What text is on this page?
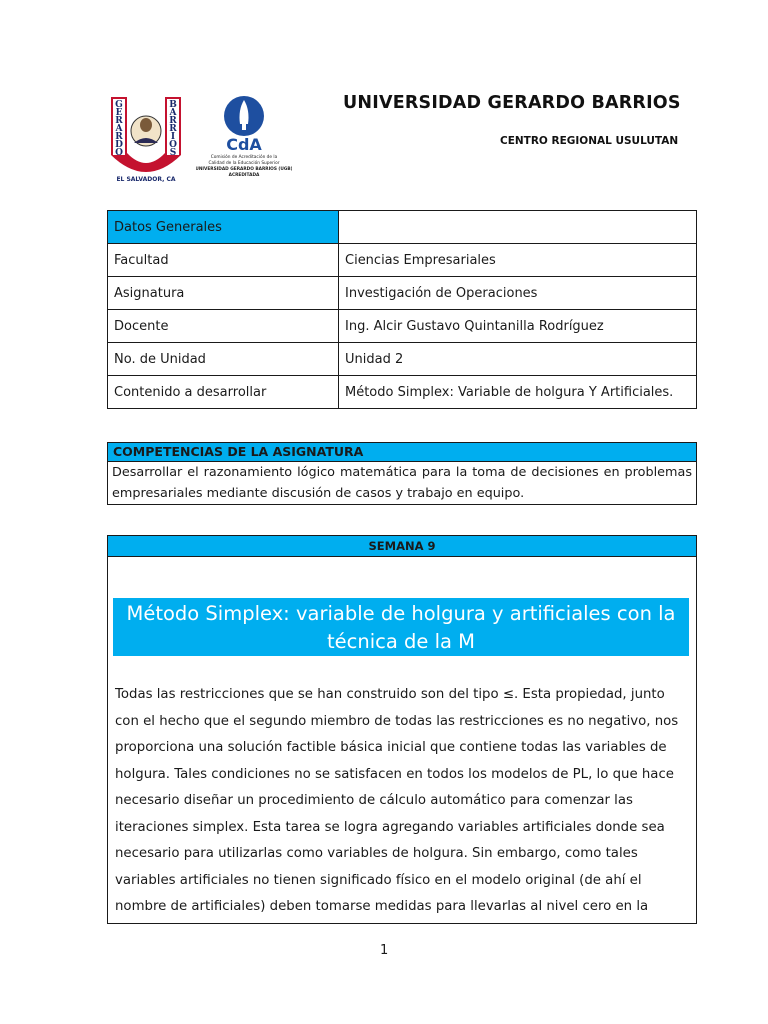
G
E
R
A
R
D
O
B
A
R
R
I
O
S
EL SALVADOR, CA
CdA
Comisión de Acreditación de la
Calidad de la Educación Superior
UNIVERSIDAD GERARDO BARRIOS (UGB)
ACREDITADA
UNIVERSIDAD GERARDO BARRIOS
CENTRO REGIONAL USULUTAN
Datos Generales	
Facultad	Ciencias Empresariales
Asignatura	Investigación de Operaciones
Docente	Ing. Alcir Gustavo Quintanilla Rodríguez
No. de Unidad	Unidad 2
Contenido a desarrollar	Método Simplex: Variable de holgura Y Artificiales.
COMPETENCIAS DE LA ASIGNATURA
Desarrollar el razonamiento lógico matemática para la toma de decisiones en problemas empresariales mediante discusión de casos y trabajo en equipo.
SEMANA 9
Método Simplex: variable de holgura y artificiales con la
técnica de la M
Todas las restricciones que se han construido son del tipo ≤. Esta propiedad, junto
con el hecho que el segundo miembro de todas las restricciones es no negativo, nos
proporciona una solución factible básica inicial que contiene todas las variables de
holgura. Tales condiciones no se satisfacen en todos los modelos de PL, lo que hace
necesario diseñar un procedimiento de cálculo automático para comenzar las
iteraciones simplex. Esta tarea se logra agregando variables artificiales donde sea
necesario para utilizarlas como variables de holgura. Sin embargo, como tales
variables artificiales no tienen significado físico en el modelo original (de ahí el
nombre de artificiales) deben tomarse medidas para llevarlas al nivel cero en la
1
